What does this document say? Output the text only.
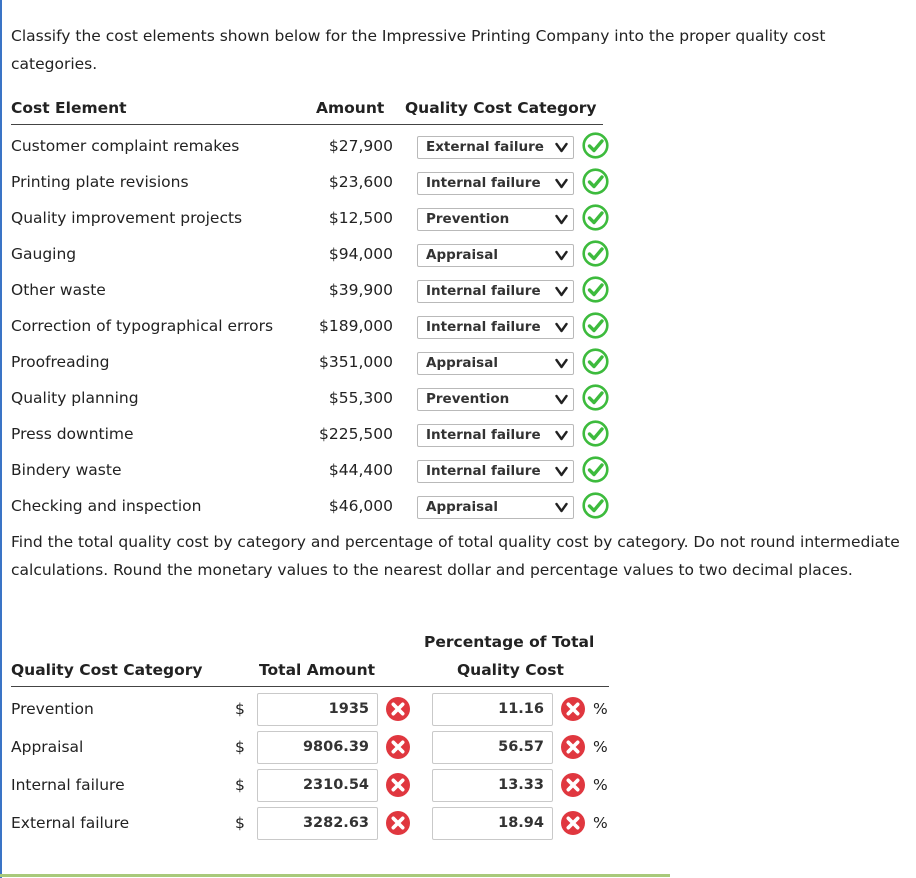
Classify the cost elements shown below for the Impressive Printing Company into the proper quality cost categories.
Cost Element	Amount Quality Cost Category
Customer complaint remakes	$27,900 External failure
Printing plate revisions	$23,600 Internal failure
Quality improvement projects	$12,500 Prevention
Gauging	$94,000 Appraisal
Other waste	$39,900 Internal failure
Correction of typographical errors	$189,000 Internal failure
Proofreading	$351,000 Appraisal
Quality planning	$55,300 Prevention
Press downtime	$225,500 Internal failure
Bindery waste	$44,400 Internal failure
Checking and inspection	$46,000 Appraisal
Find the total quality cost by category and percentage of total quality cost by category. Do not round intermediate calculations. Round the monetary values to the nearest dollar and percentage values to two decimal places.
Percentage of Total
Quality Cost Category	Total Amount	Quality Cost
Prevention	$	1935	11.16	%
Appraisal	$	9806.39	56.57	%
Internal failure	$	2310.54	13.33	%
External failure	$	3282.63	18.94	%
